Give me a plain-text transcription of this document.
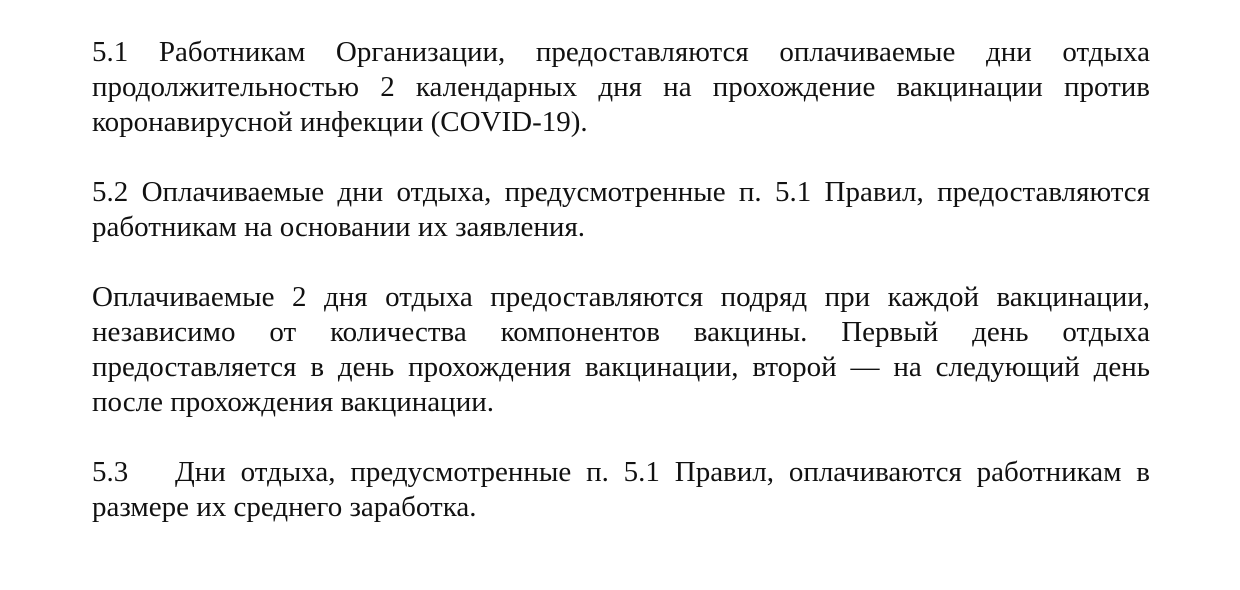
5.1 Работникам Организации, предоставляются оплачиваемые дни отдыха продолжительностью 2 календарных дня на прохождение вакцинации против коронавирусной инфекции (COVID-19).

5.2 Оплачиваемые дни отдыха, предусмотренные п. 5.1 Правил, предоставляются работникам на основании их заявления.

Оплачиваемые 2 дня отдыха предоставляются подряд при каждой вакцинации, независимо от количества компонентов вакцины. Первый день отдыха предоставляется в день прохождения вакцинации, второй — на следующий день после прохождения вакцинации.

5.3 Дни отдыха, предусмотренные п. 5.1 Правил, оплачиваются работникам в размере их среднего заработка.
